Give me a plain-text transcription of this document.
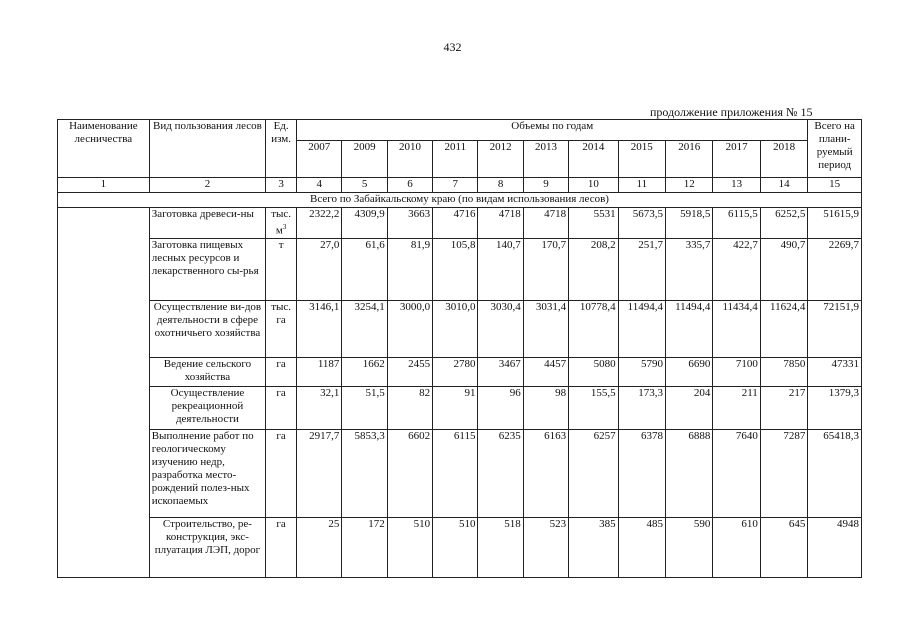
432
продолжение приложения № 15
Наименование лесничества	Вид пользования лесов	Ед. изм.	Объемы по годам											Всего на плани-руемый период
			2007	2009	2010	2011	2012	2013	2014	2015	2016	2017	2018	
1	2	3	4	5	6	7	8	9	10	11	12	13	14	15
Всего по Забайкальскому краю (по видам использования лесов)														
	Заготовка древеси-ны	тыс. $м^3$	2322,2	4309,9	3663	4716	4718	4718	5531	5673,5	5918,5	6115,5	6252,5	51615,9
	Заготовка пищевых лесных ресурсов и лекарственного сы-рья	т	27,0	61,6	81,9	105,8	140,7	170,7	208,2	251,7	335,7	422,7	490,7	2269,7
	Осуществление ви-дов деятельности в сфере охотничьего хозяйства	тыс. га	3146,1	3254,1	3000,0	3010,0	3030,4	3031,4	10778,4	11494,4	11494,4	11434,4	11624,4	72151,9
	Ведение сельского хозяйства	га	1187	1662	2455	2780	3467	4457	5080	5790	6690	7100	7850	47331
	Осуществление рекреационной деятельности	га	32,1	51,5	82	91	96	98	155,5	173,3	204	211	217	1379,3
	Выполнение работ по геологическому изучению недр, разработка место-рождений полез-ных ископаемых	га	2917,7	5853,3	6602	6115	6235	6163	6257	6378	6888	7640	7287	65418,3
	Строительство, ре-конструкция, экс-плуатация ЛЭП, дорог	га	25	172	510	510	518	523	385	485	590	610	645	4948
